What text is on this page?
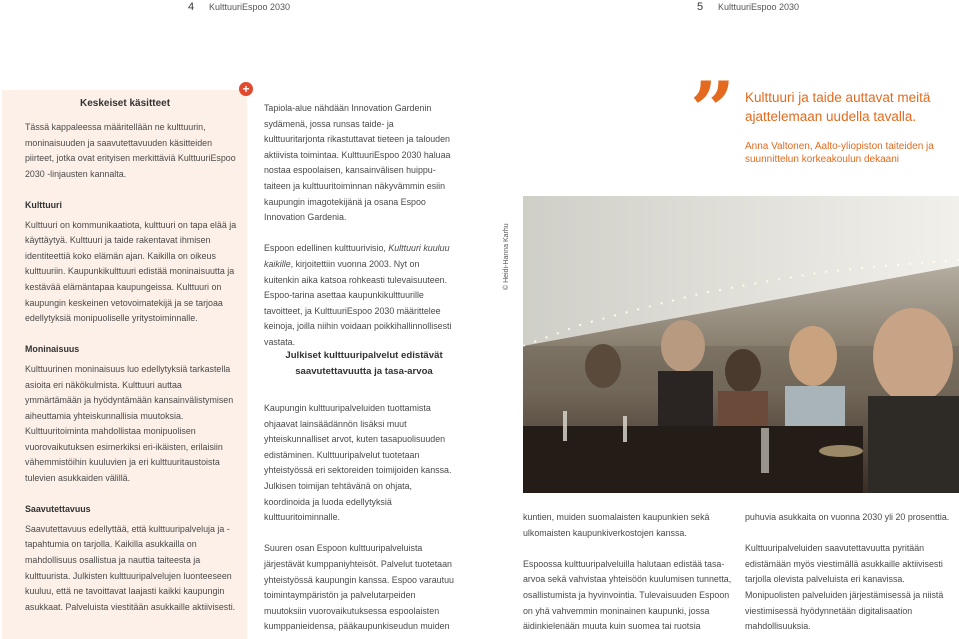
4 KulttuuriEspoo 2030	5 KulttuuriEspoo 2030
Keskeiset käsitteet

Tässä kappaleessa määritellään ne kulttuurin, moninaisuuden ja saavutettavuuden käsitteiden piirteet, jotka ovat erityisen merkittäviä KulttuuriEspoo 2030 -linjausten kannalta.

Kulttuuri

Kulttuuri on kommunikaatiota, kulttuuri on tapa elää ja käyttäytyä. Kulttuuri ja taide rakentavat ihmisen identiteettiä koko elämän ajan. Kaikilla on oikeus kulttuuriin. Kaupunkikulttuuri edistää moninaisuutta ja kestävää elämäntapaa kaupungeissa. Kulttuuri on kaupungin keskeinen vetovoimatekijä ja se tarjoaa edellytyksiä monipuoliselle yritystoiminnalle.

Moninaisuus

Kulttuurinen moninaisuus luo edellytyksiä tarkastella asioita eri näkökulmista. Kulttuuri auttaa ymmärtämään ja hyödyntämään kansainvälistymisen aiheuttamia yhteiskunnallisia muutoksia. Kulttuuritoiminta mahdollistaa monipuolisen vuorovaikutuksen esimerkiksi eri-ikäisten, erilaisiin vähemmistöihin kuuluvien ja eri kulttuuritaustoista tulevien asukkaiden välillä.

Saavutettavuus

Saavutettavuus edellyttää, että kulttuuripalveluja ja -tapahtumia on tarjolla. Kaikilla asukkailla on mahdollisuus osallistua ja nauttia taiteesta ja kulttuurista. Julkisten kulttuuripalvelujen luonteeseen kuuluu, että ne tavoittavat laajasti kaikki kaupungin asukkaat. Palveluista viestitään asukkaille aktiivisesti.

+

Tapiola-alue nähdään Innovation Gardenin sydämenä, jossa runsas taide- ja kulttuuritarjonta rikastuttavat tieteen ja talouden aktiivista toimintaa. KulttuuriEspoo 2030 haluaa nostaa espoolaisen, kansainvälisen huippu-taiteen ja kulttuuritoiminnan näkyvämmin esiin kaupungin imagotekijänä ja osana Espoo Innovation Gardenia.

Espoon edellinen kulttuurivisio, Kulttuuri kuuluu kaikille, kirjoitettiin vuonna 2003. Nyt on kuitenkin aika katsoa rohkeasti tulevaisuuteen. Espoo-tarina asettaa kaupunkikulttuurille tavoitteet, ja KulttuuriEspoo 2030 määrittelee keinoja, joilla niihin voidaan poikkihallinnollisesti vastata.

Julkiset kulttuuripalvelut edistävät saavutettavuutta ja tasa-arvoa

Kaupungin kulttuuripalveluiden tuottamista ohjaavat lainsäädännön lisäksi muut yhteiskunnalliset arvot, kuten tasapuolisuuden edistäminen. Kulttuuripalvelut tuotetaan yhteistyössä eri sektoreiden toimijoiden kanssa. Julkisen toimijan tehtävänä on ohjata, koordinoida ja luoda edellytyksiä kulttuuritoiminnalle.

Suuren osan Espoon kulttuuripalveluista järjestävät kumppaniyhteisöt. Palvelut tuotetaan yhteistyössä kaupungin kanssa. Espoo varautuu toimintaympäristön ja palvelutarpeiden muutoksiin vuorovaikutuksessa espoolaisten kumppanieidensa, pääkaupunkiseudun muiden

” Kulttuuri ja taide auttavat meitä ajattelemaan uudella tavalla.
Anna Valtonen, Aalto-yliopiston taiteiden ja suunnittelun korkeakoulun dekaani
© Heidi-Hanna Karhu

kuntien, muiden suomalaisten kaupunkien sekä ulkomaisten kaupunkiverkostojen kanssa.

Espoossa kulttuuripalveluilla halutaan edistää tasa-arvoa sekä vahvistaa yhteisöön kuulumisen tunnetta, osallistumista ja hyvinvointia. Tulevaisuuden Espoon on yhä vahvemmin moninainen kaupunki, jossa äidinkielenään muuta kuin suomea tai ruotsia

puhuvia asukkaita on vuonna 2030 yli 20 prosenttia.

Kulttuuripalveluiden saavutettavuutta pyritään edistämään myös viestimällä asukkaille aktiivisesti tarjolla olevista palveluista eri kanavissa. Monipuolisten palveluiden järjestämisessä ja niistä viestimisessä hyödynnetään digitalisaation mahdollisuuksia.
